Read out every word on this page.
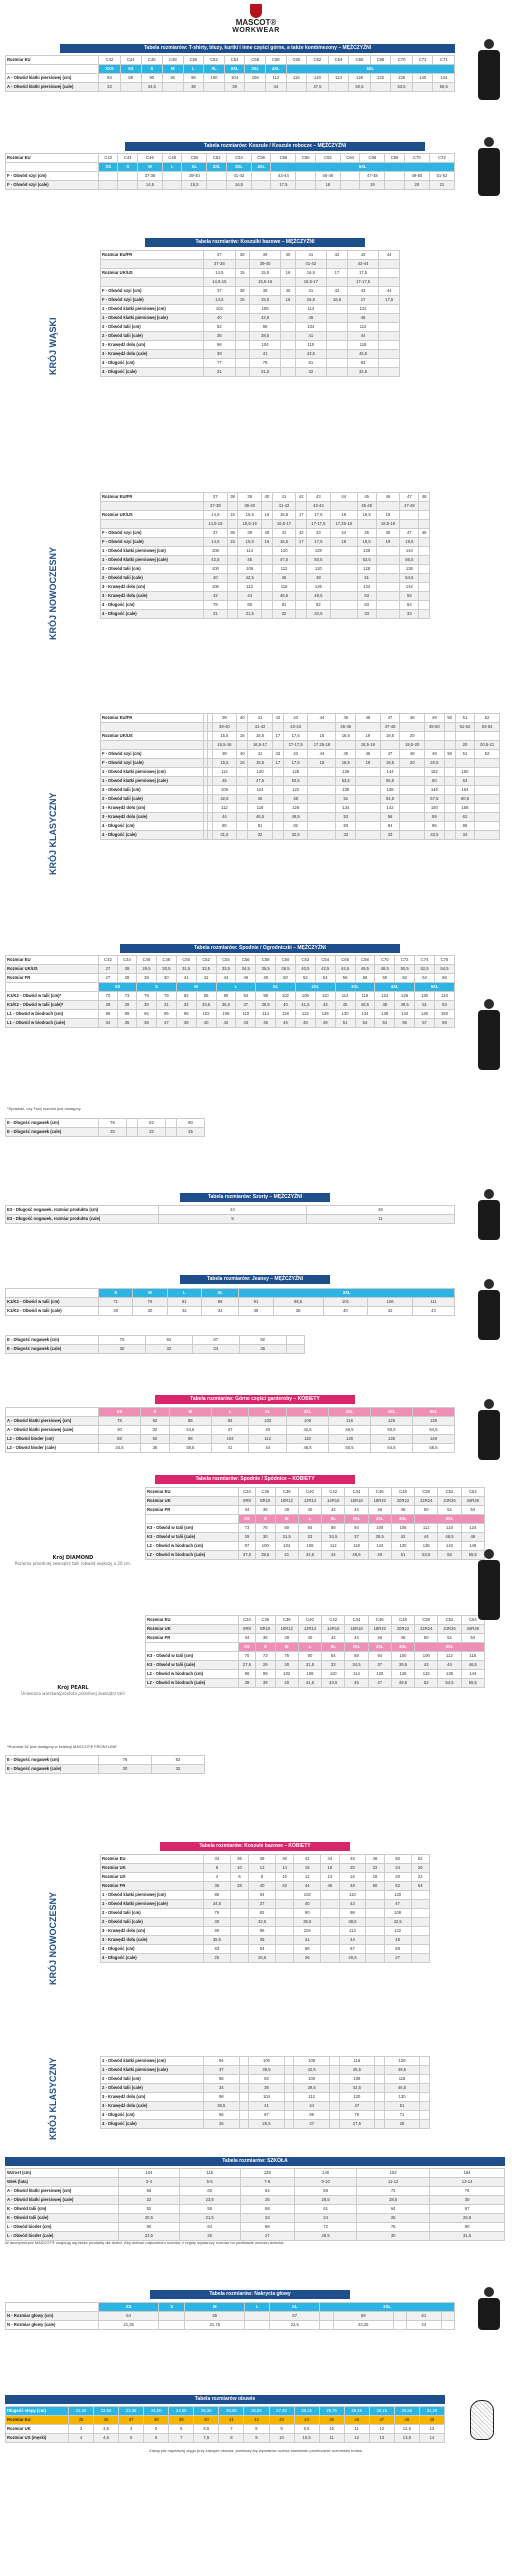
MASCOT®
WORKWEAR
Tabela rozmiarów: T-shirty, bluzy, kurtki i inne części górne, a także kombinezony – MĘŻCZYŹNI
Rozmiar EU	C42	C44	C46	C48	C50	C52	C54	C56	C58	C60	C62	C64	C66	C68	C70	C72	C74
	XXS	XS	S	M	L	XL	2XL	3XL	4XL	5XL							
A - Obwód klatki piersiowej (cm)	84	88	90	92	96	100	104	108	112	116	120	124	128	132	136	140	144
A - Obwód klatki piersiowej (cale)	33		34,5		38		39		44		47,5		50,5		53,5		56,5
Tabela rozmiarów: Koszule / Koszule robocze – MĘŻCZYŹNI
Rozmiar EU	C42	C44	C46	C48	C50	C52	C54	C56	C58	C60	C62	C64	C66	C68	C70	C72
	XS	S	M	L	XL	2XL	3XL	4XL	5XL							
F - Obwód szyi (cm)			37-38		39-40		41-42		43-44		45-46		47-48		49-50	51-52
F - Obwód szyi (cale)			14,5		15,5		16,5		17,5		18		19		20	21
Tabela rozmiarów: Koszulki bazowe – MĘŻCZYŹNI
KRÓJ WĄSKI
Rozmiar EU/FR	37	38	39	40	41	42	43	44
	37-38		39-40		41-42		43-44	
Rozmiar UK/US	14,5	15	15,5	16	16,5	17	17,5	
	14,5-15		15,5-16		16,5-17		17-17,5	
F - Obwód szyi (cm)	37	38	39	40	41	42	43	44
F - Obwód szyi (cale)	14,5	15	15,5	16	16,5	16,5	17	17,5
1 - Obwód klatki piersiowej (cm)	102		108		114		122	
1 - Obwód klatki piersiowej (cale)	40		42,5		45		48	
2 - Obwód talii (cm)	92		98		104		112	
2 - Obwód talii (cale)	36		38,5		41		44	
3 - Krawędź dołu (cm)	96		104		110		118	
3 - Krawędź dołu (cale)	38		41		43,5		46,5	
4 - Długość (cm)	77		79		81		83	
4 - Długość (cale)	31		31,5		32		32,5	
KRÓJ NOWOCZESNY
Rozmiar EU/FR	37	38	39	40	41	42	43	44	45	46	47	48
	37-38		39-40		41-42		43-44		45-46		47-48	
Rozmiar UK/US	14,5	15	15,5	16	16,5	17	17,5	18	18,5	19		
	14,5-15		15,5-16		16,5-17		17-17,5	17,25-18		18,5-19		
F - Obwód szyi (cm)	37	38	39	40	41	42	43	44	45	46	47	48
F - Obwód szyi (cale)	14,5	15	15,5	16	16,5	17	17,5	18	18,5	19	19,5	
1 - Obwód klatki piersiowej (cm)	108		114		120		128		136		144	
1 - Obwód klatki piersiowej (cale)	42,5		45		47,5		50,5		53,5		56,5	
2 - Obwód talii (cm)	100		106		112		120		128		136	
2 - Obwód talii (cale)	40		42,5		45		48		51		54,5	
3 - Krawędź dołu (cm)	106		112		118		126		134		142	
3 - Krawędź dołu (cale)	42		44		46,5		49,5		53		56	
4 - Długość (cm)	78		80		81		82		83		84	
4 - Długość (cale)	31		31,5		32		32,5		33		33	
KRÓJ KLASYCZNY
Rozmiar EU/FR			39	40	41	42	43	44	45	46	47	48	49	50	51	52
			39-40		41-42		43-44		45-46		47-48		49-50		51-52	53-54
Rozmiar UK/US			15,5	16	16,5	17	17,5	18	18,5	19	19,5	20				
			15,5-16		16,5-17		17-17,5	17,25-18		18,5-19		19,5-20			20	20,5-21
F - Obwód szyi (cm)			39	40	41	42	43	44	45	46	47	48	49	50	51	52
F - Obwód szyi (cale)			15,5	16	16,5	17	17,5	18	18,5	19	19,5	20	20,5			
1 - Obwód klatki piersiowej (cm)			114		120		128		136		144		152		160	
1 - Obwód klatki piersiowej (cale)			45		47,5		50,5		53,5		56,5		60		63	
2 - Obwód talii (cm)			108		114		122		130		138		146		154	
2 - Obwód talii (cale)			42,5		45		48		51		54,5		57,5		60,5	
3 - Krawędź dołu (cm)			112		118		126		134		142		150		158	
3 - Krawędź dołu (cale)			44		46,5		49,5		53		56		59		62	
4 - Długość (cm)			80		81		82		83		84		85		86	
4 - Długość (cale)			31,5		32		32,5		33		33		33,5		34	
Tabela rozmiarów: Spodnie / Ogrodniczki – MĘŻCZYŹNI
Rozmiar EU	C42	C44	C46	C48	C50	C52	C54	C56	C58	C60	C62	C64	C66	C68	C70	C72	C74	C76
Rozmiar UK/US	27	28	29,5	30,5	31,5	32,5	33,5	34,5	35,5	36,5	40,5	42,5	44,5	46,5	48,5	50,5	52,5	54,5
Rozmiar FR	27	28	29	30	41	42	44	46	48	50	52	54	56	58	60	62	64	66
	XS		S		M		L		XL		2XL		3XL		4XL		5XL	
K1/K2 - Obwód w talii (cm)*	70	73	76	79	82	86	90	94	98	102	106	110	114	118	122	126	130	134
K1/K2 - Obwód w talii (cale)*	28	29	30	31	32	33,5	35,5	37	38,5	40	41,5	43	45	46,5	48	49,5	51	53
L1 - Obwód w biodrach (cm)	86	89	92	95	98	102	106	110	114	118	122	126	130	134	138	142	146	150
L1 - Obwód w biodrach (cale)	34	35	36	37	38	40	42	43	45	46	48	49	51	53	54	56	57	59
*Sprawdź, czy Twój rozmiar jest dostępny
E - Długość nogawek (cm)	76		82		90
E - Długość nogawek (cale)	30		32		35
Tabela rozmiarów: Szorty – MĘŻCZYŹNI
E3 - Długość nogawek, rozmiar produktu (cm)	24	26
E3 - Długość nogawek, rozmiar produktu (cale)	9	11
Tabela rozmiarów: Jeansy – MĘŻCZYŹNI
	S	M	L	XL	2XL				
K1/K2 - Obwód w talii (cm)	71	76	81	86	91	96,5	101	106	111
K1/K2 - Obwód w talii (cale)	28	30	32	34	36	38	40	42	44
E - Długość nogawek (cm)	76	82	87	92	
E - Długość nogawek (cale)	30	32	34	36	
Tabela rozmiarów: Górne części garderoby – KOBIETY
	XS	S	M	L	XL	2XL	3XL	4XL	5XL
A - Obwód klatki piersiowej (cm)	78	82	88	94	102	108	118	128	138
A - Obwód klatki piersiowej (cale)	30	32	34,5	37	40	42,5	46,5	50,5	54,5
L2 - Obwód bioder (cm)	88	92	98	104	112	118	128	138	148
L2 - Obwód bioder (cale)	34,5	36	38,5	41	44	46,5	50,5	54,5	58,5
Tabela rozmiarów: Spodnie / Spódnice – KOBIETY
Krój DIAMOND
Pozioma przedniej zewnątrz talii (obwód większy o 20 cm.
Rozmiar EU	C34	C36	C38	C40	C42	C44	C46	C48	C50	C52	C54
Rozmiar UK	6R8	8R10	10R12	12R14	14R16	16R18	18R20	20R22	22R24	24R26	26R28
Rozmiar FR	34	36	38	40	42	44	46	48	50	52	54
	XS	S	M	L	XL	2XL	3XL	4XL	5XL		
K3 - Obwód w talii (cm)	73	76	80	84	88	94	100	106	112	118	124
K3 - Obwód w talii (cale)	29	30	31,5	33	34,5	37	39,5	42	44	46,5	49
L2 - Obwód w biodrach (cm)	97	100	104	108	112	118	124	130	136	142	148
L2 - Obwód w biodrach (cale)	37,5	39,5	41	42,5	44	46,5	49	51	53,5	56	58,5
Krój PEARL
Uniesiona warstwa/prostota przedniej zewnątrz talii
Rozmiar EU	C34	C36	C38	C40	C42	C44	C46	C48	C50	C52	C54
Rozmiar UK	6R8	8R10	10R12	12R14	14R16	16R18	18R20	20R22	22R24	24R26	26R28
Rozmiar FR	34	36	38	40	42	44	46	48	50	52	54
	XS	S	M	L	XL	2XL	3XL	4XL	5XL		
K3 - Obwód w talii (cm)	70	73	76	80	84	88	94	100	106	112	118
K3 - Obwód w talii (cale)	27,5	29	30	31,5	33	34,5	37	39,5	42	44	46,5
L2 - Obwód w biodrach (cm)	96	99	102	106	110	114	120	126	132	138	144
L2 - Obwód w biodrach (cale)	38	39	40	41,5	43,5	45	47	49,5	52	54,5	56,5
*Rozmiar 82 jest dostępny w kolekcji MASCOT® FRONTLINE
E - Długość nogawek (cm)	76	82
E - Długość nogawek (cale)	30	32
Tabela rozmiarów: Koszule bazowe – KOBIETY
KRÓJ NOWOCZESNY
Rozmiar EU	34	36	38	40	42	44	46	48	50	52
Rozmiar UK	8	10	12	14	16	18	20	22	24	26
Rozmiar US	4	6	8	10	12	14	16	18	20	22
Rozmiar FR	36	38	40	42	44	46	48	50	52	54
1 - Obwód klatki piersiowej (cm)	88		94		102		110		120	
1 - Obwód klatki piersiowej (cale)	34,5		37		40		43		47	
2 - Obwód talii (cm)	76		82		90		98		108	
2 - Obwód talii (cale)	30		32,5		35,5		38,5		42,5	
3 - Krawędź dołu (cm)	90		96		104		112		122	
3 - Krawędź dołu (cale)	35,5		38		41		44		48	
4 - Długość (cm)	63		64		66		67		68	
4 - Długość (cale)	25		25,5		26		26,5		27	
KRÓJ KLASYCZNY	1 - Obwód klatki piersiowej (cm)	94		100		108		116		126	
1 - Obwód klatki piersiowej (cale)	37		39,5		42,5		45,5		49,5	
2 - Obwód talii (cm)	86		92		100		108		118	
2 - Obwód talii (cale)	34		36		39,5		42,5		46,5	
3 - Krawędź dołu (cm)	98		104		112		120		130	
3 - Krawędź dołu (cale)	38,5		41		44		47		51	
4 - Długość (cm)	66		67		69		70		71	
4 - Długość (cale)	26		26,5		27		27,5		28	
Tabela rozmiarów: SZKOŁA
Wzrost (cm)	104	116	128	140	152	164
Wiek (lata)	3-4	5-6	7-8	9-10	11-12	13-14
A - Obwód klatki piersiowej (cm)	56	60	64	68	72	76
A - Obwód klatki piersiowej (cale)	22	23,5	25	26,5	28,5	30
K - Obwód talii (cm)	52	55	58	61	64	67
K - Obwód talii (cale)	20,5	21,5	23	24	25	26,5
L - Obwód bioder (cm)	60	64	68	72	76	80
L - Obwód bioder (cale)	23,5	25	27	28,5	30	31,5
W asortymencie MASCOT® znajdują się także produkty dla dzieci. Aby dobrać odpowiedni rozmiar, z reguły wystarczy rozmiar na podstawie wzrostu dziecka.
Tabela rozmiarów: Nakrycia głowy
	XS	S	M	L	XL	2XL				
N - Rozmiar głowy (cm)	54		55		57		59		61	
N - Rozmiar głowy (cale)	21,25		21,75		22,5		23,25		24	
Tabela rozmiarów obuwie
Długość stopy (cm)	22,25	22,50	23,35	24,00	24,65	25,35	26,05	26,85	27,45	28,15	28,75	29,45	30,15	30,85	31,25
Rozmiar EU	35	36	37	38	39	40	41	42	43	44	45	46	47	48	49
Rozmiar UK	3	3,5	4	5	6	6,5	7	8	9	9,5	10	11	12	12,5	13
Rozmiar US (męski)	4	4,5	5	6	7	7,5	8	9	10	10,5	11	12	13	13,5	14
Zakup jak najniższej cięgu przy zakupie obuwia, przekazy się wymiarów ocenia standardu przeliczanie rozmiarów butów.
